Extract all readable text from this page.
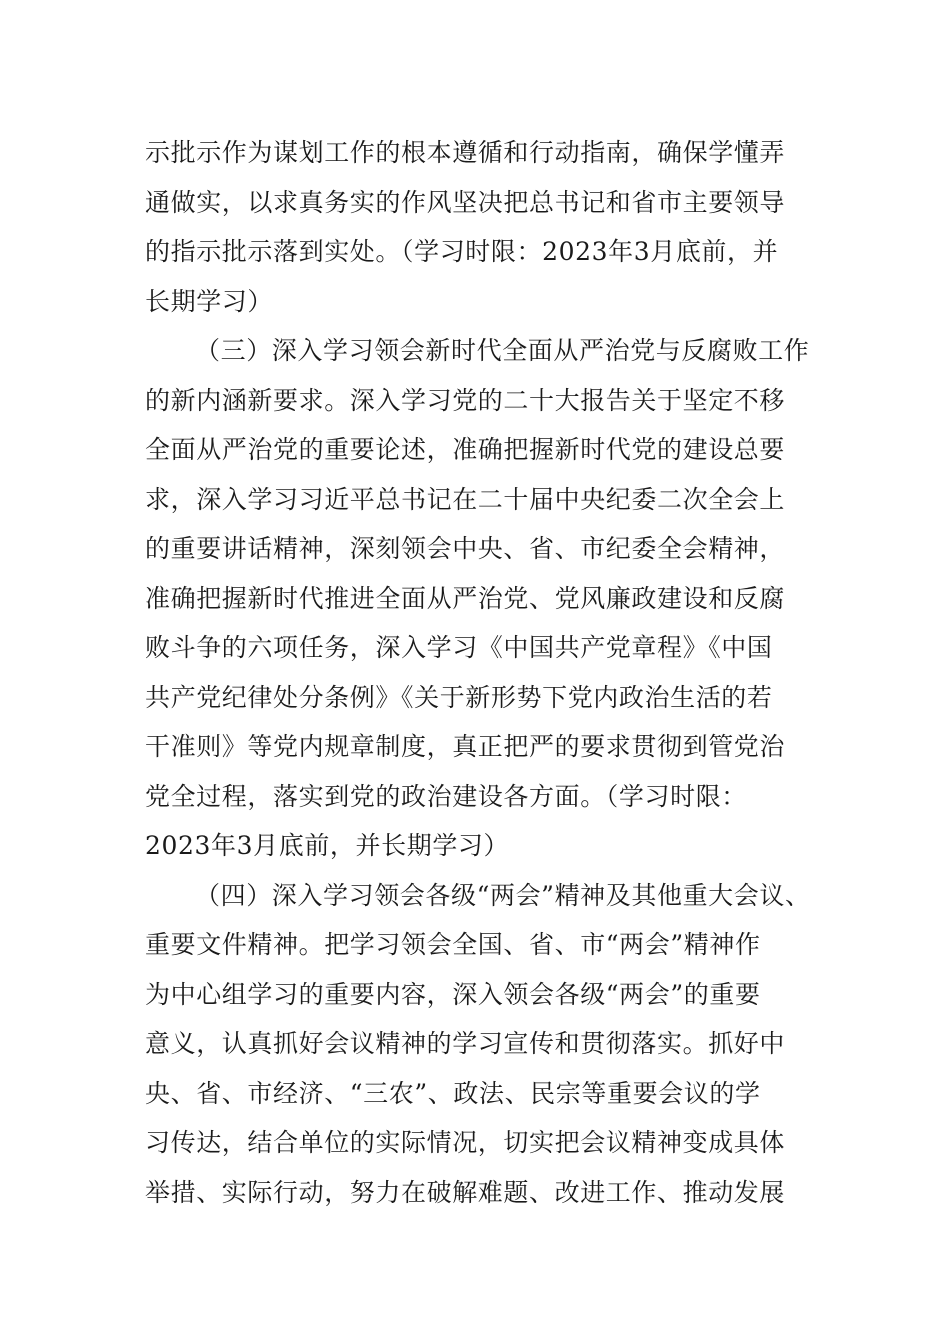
示批示作为谋划工作的根本遵循和行动指南，确保学懂弄
通做实，以求真务实的作风坚决把总书记和省市主要领导
的指示批示落到实处。（学习时限：2023年3月底前，并
长期学习）
（三）深入学习领会新时代全面从严治党与反腐败工作
的新内涵新要求。深入学习党的二十大报告关于坚定不移
全面从严治党的重要论述，准确把握新时代党的建设总要
求，深入学习习近平总书记在二十届中央纪委二次全会上
的重要讲话精神，深刻领会中央、省、市纪委全会精神，
准确把握新时代推进全面从严治党、党风廉政建设和反腐
败斗争的六项任务，深入学习《中国共产党章程》《中国
共产党纪律处分条例》《关于新形势下党内政治生活的若
干准则》等党内规章制度，真正把严的要求贯彻到管党治
党全过程，落实到党的政治建设各方面。（学习时限：
2023年3月底前，并长期学习）
（四）深入学习领会各级“两会”精神及其他重大会议、
重要文件精神。把学习领会全国、省、市“两会”精神作
为中心组学习的重要内容，深入领会各级“两会”的重要
意义，认真抓好会议精神的学习宣传和贯彻落实。抓好中
央、省、市经济、“三农”、政法、民宗等重要会议的学
习传达，结合单位的实际情况，切实把会议精神变成具体
举措、实际行动，努力在破解难题、改进工作、推动发展
